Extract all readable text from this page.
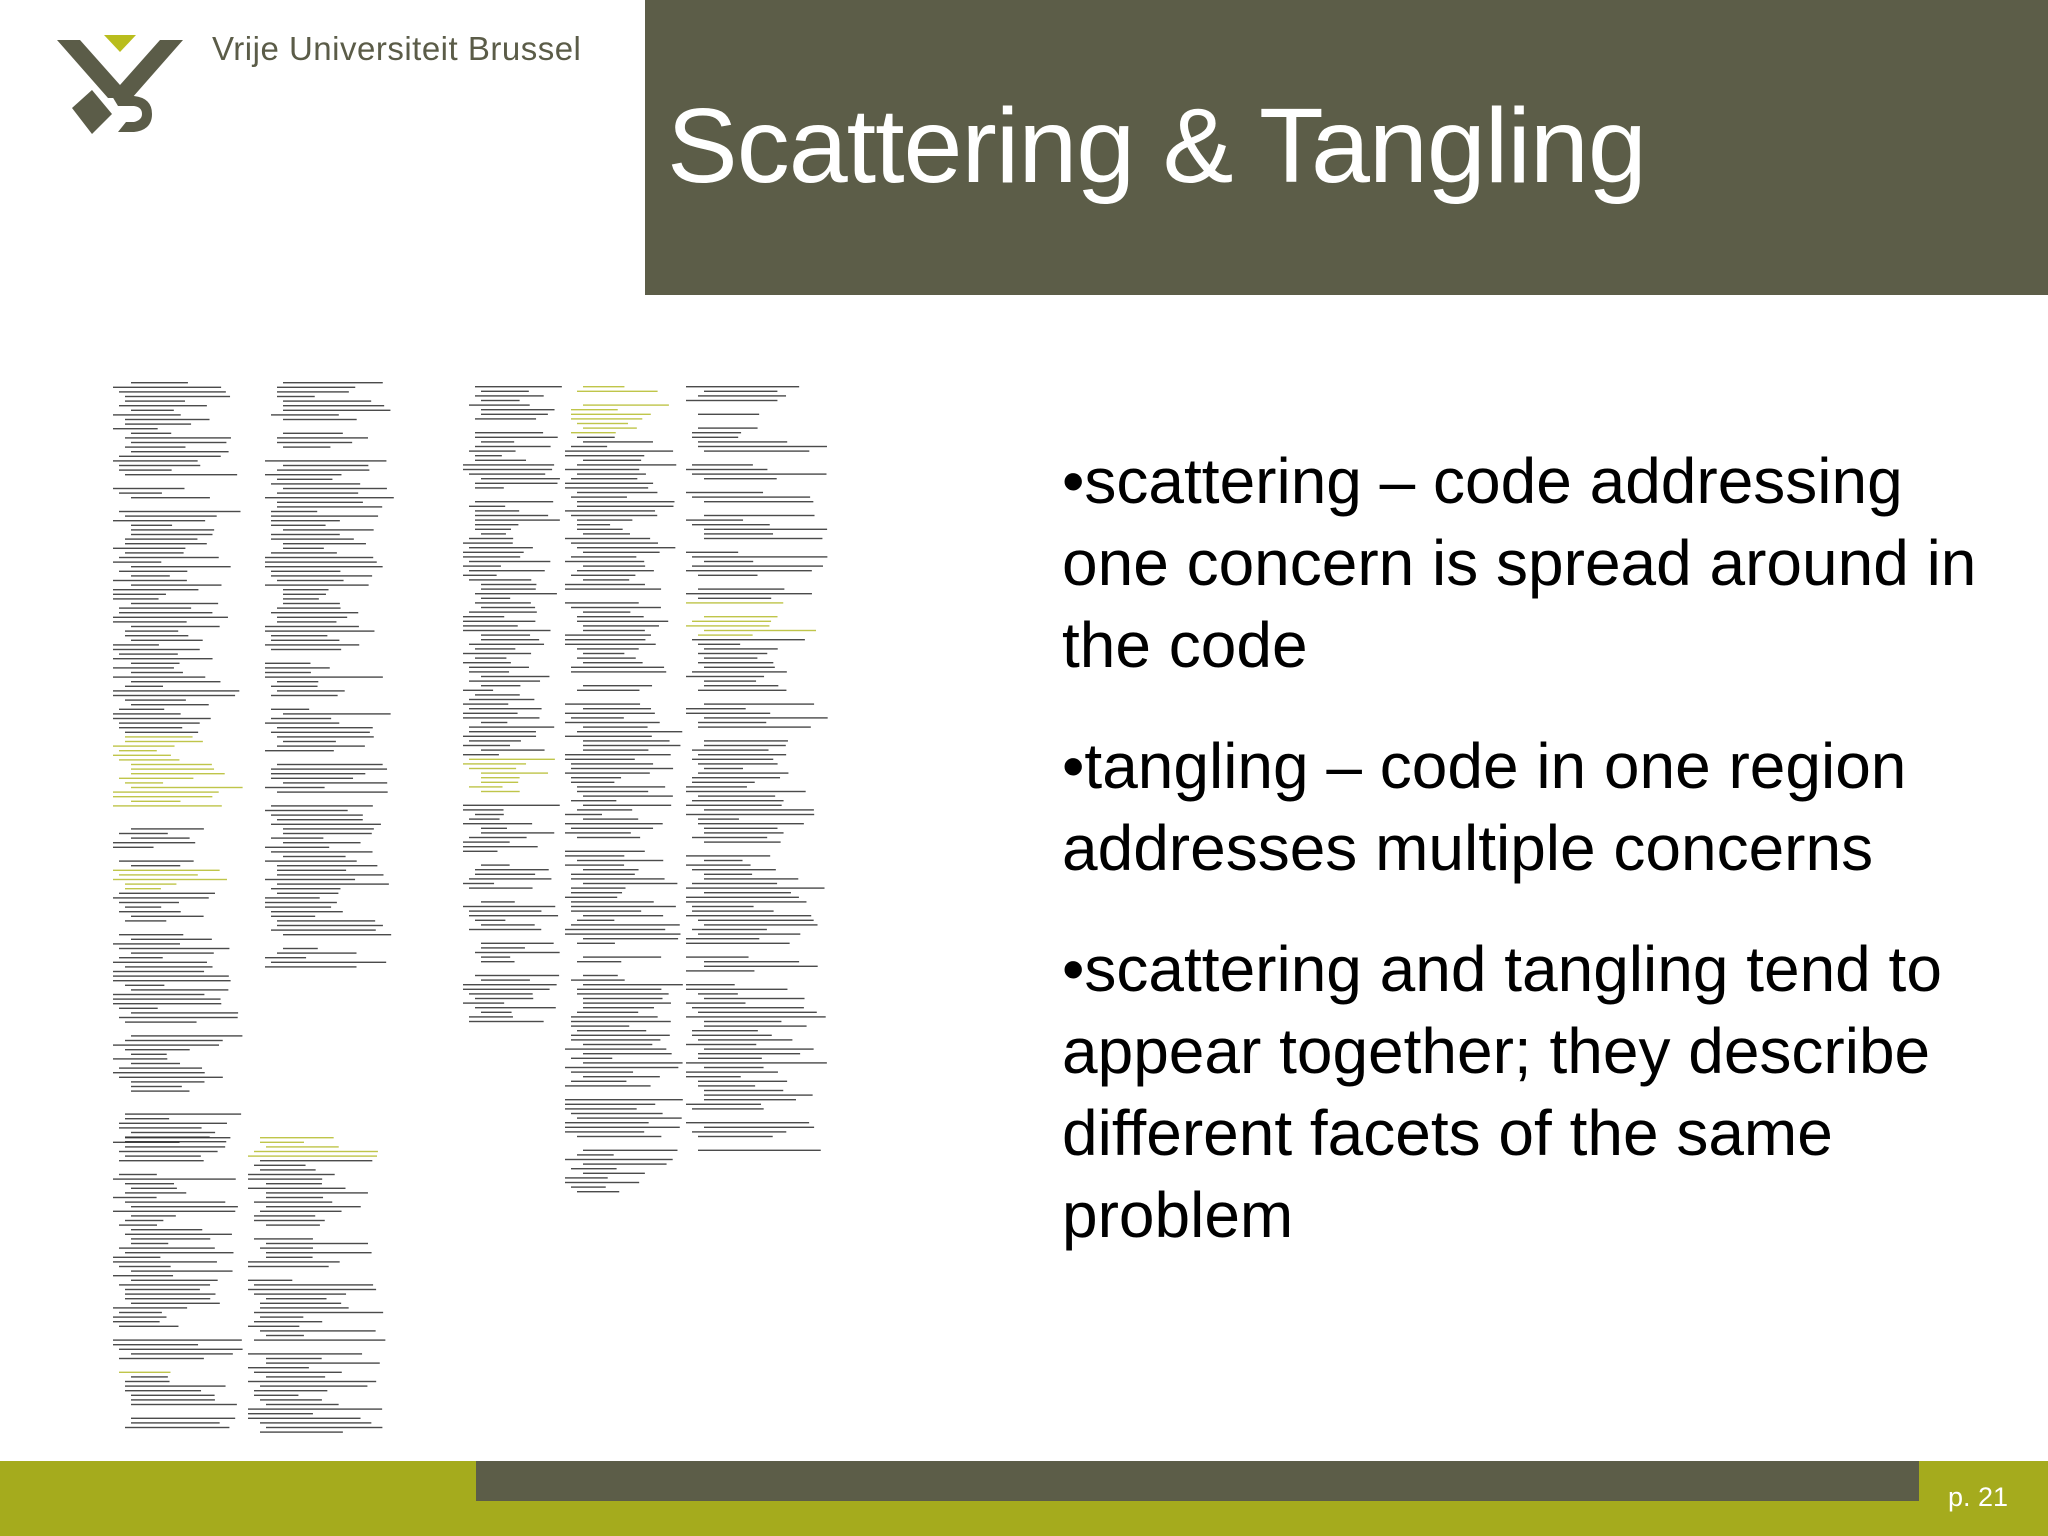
Vrije Universiteit Brussel
Scattering & Tangling
•scattering – code addressing one concern is spread around in the code
•tangling – code in one region addresses multiple concerns
•scattering and tangling tend to appear together; they describe different facets of the same problem
p. 21
